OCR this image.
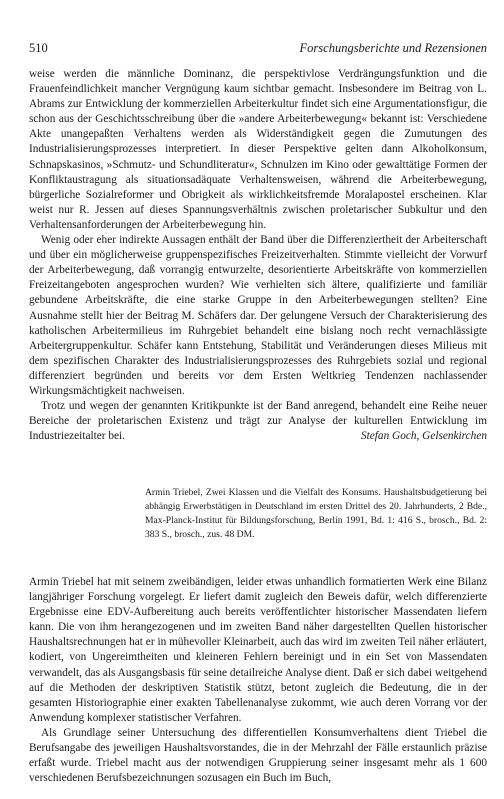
510	Forschungsberichte und Rezensionen

weise werden die männliche Dominanz, die perspektivlose Verdrängungsfunktion und die Frauenfeindlichkeit mancher Vergnügung kaum sichtbar gemacht. Insbesondere im Beitrag von L. Abrams zur Entwicklung der kommerziellen Arbeiterkultur findet sich eine Argumentationsfigur, die schon aus der Geschichtsschreibung über die »andere Arbeiterbewegung« bekannt ist: Verschiedene Akte unangepaßten Verhaltens werden als Widerständigkeit gegen die Zumutungen des Industrialisierungsprozesses interpretiert. In dieser Perspektive gelten dann Alkoholkonsum, Schnapskasinos, »Schmutz- und Schundliteratur«, Schnulzen im Kino oder gewalttätige Formen der Konfliktaustragung als situationsadäquate Verhaltensweisen, während die Arbeiterbewegung, bürgerliche Sozialreformer und Obrigkeit als wirklichkeitsfremde Moralapostel erscheinen. Klar weist nur R. Jessen auf dieses Spannungsverhältnis zwischen proletarischer Subkultur und den Verhaltensanforderungen der Arbeiterbewegung hin.

Wenig oder eher indirekte Aussagen enthält der Band über die Differenziertheit der Arbeiterschaft und über ein möglicherweise gruppenspezifisches Freizeitverhalten. Stimmte vielleicht der Vorwurf der Arbeiterbewegung, daß vorrangig entwurzelte, desorientierte Arbeitskräfte von kommerziellen Freizeitangeboten angesprochen wurden? Wie verhielten sich ältere, qualifizierte und familiär gebundene Arbeitskräfte, die eine starke Gruppe in den Arbeiterbewegungen stellten? Eine Ausnahme stellt hier der Beitrag M. Schäfers dar. Der gelungene Versuch der Charakterisierung des katholischen Arbeitermilieus im Ruhrgebiet behandelt eine bislang noch recht vernachlässigte Arbeitergruppenkultur. Schäfer kann Entstehung, Stabilität und Veränderungen dieses Milieus mit dem spezifischen Charakter des Industrialisierungsprozesses des Ruhrgebiets sozial und regional differenziert begründen und bereits vor dem Ersten Weltkrieg Tendenzen nachlassender Wirkungsmächtigkeit nachweisen.

Trotz und wegen der genannten Kritikpunkte ist der Band anregend, behandelt eine Reihe neuer Bereiche der proletarischen Existenz und trägt zur Analyse der kulturellen Entwicklung im Industriezeitalter bei.	Stefan Goch, Gelsenkirchen
Armin Triebel, Zwei Klassen und die Vielfalt des Konsums. Haushaltsbudgetierung bei abhängig Erwerbstätigen in Deutschland im ersten Drittel des 20. Jahrhunderts, 2 Bde., Max-Planck-Institut für Bildungsforschung, Berlin 1991, Bd. 1: 416 S., brosch., Bd. 2: 383 S., brosch., zus. 48 DM.

Armin Triebel hat mit seinem zweibändigen, leider etwas unhandlich formatierten Werk eine Bilanz langjähriger Forschung vorgelegt. Er liefert damit zugleich den Beweis dafür, welch differenzierte Ergebnisse eine EDV-Aufbereitung auch bereits veröffentlichter historischer Massendaten liefern kann. Die von ihm herangezogenen und im zweiten Band näher dargestellten Quellen historischer Haushaltsrechnungen hat er in mühevoller Kleinarbeit, auch das wird im zweiten Teil näher erläutert, kodiert, von Ungereimtheiten und kleineren Fehlern bereinigt und in ein Set von Massendaten verwandelt, das als Ausgangsbasis für seine detailreiche Analyse dient. Daß er sich dabei weitgehend auf die Methoden der deskriptiven Statistik stützt, betont zugleich die Bedeutung, die in der gesamten Historiographie einer exakten Tabellenanalyse zukommt, wie auch deren Vorrang vor der Anwendung komplexer statistischer Verfahren.

Als Grundlage seiner Untersuchung des differentiellen Konsumverhaltens dient Triebel die Berufsangabe des jeweiligen Haushaltsvorstandes, die in der Mehrzahl der Fälle erstaunlich präzise erfaßt wurde. Triebel macht aus der notwendigen Gruppierung seiner insgesamt mehr als 1 600 verschiedenen Berufsbezeichnungen sozusagen ein Buch im Buch,
